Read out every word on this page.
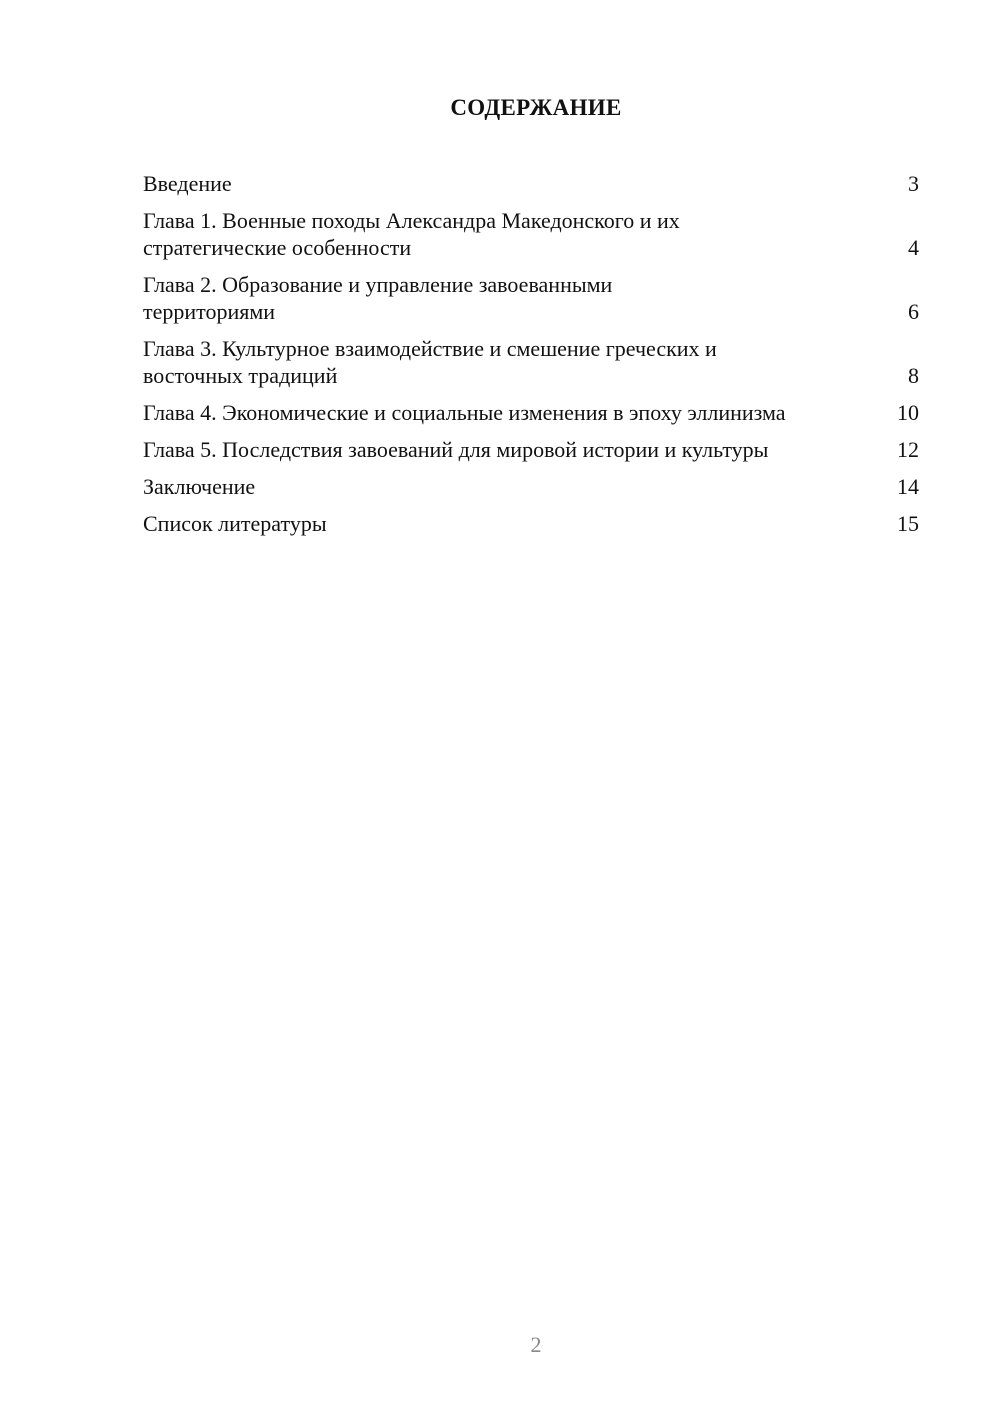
СОДЕРЖАНИЕ
Введение	3
Глава 1. Военные походы Александра Македонского и их стратегические особенности	4
Глава 2. Образование и управление завоеванными территориями	6
Глава 3. Культурное взаимодействие и смешение греческих и восточных традиций	8
Глава 4. Экономические и социальные изменения в эпоху эллинизма	10
Глава 5. Последствия завоеваний для мировой истории и культуры	12
Заключение	14
Список литературы	15
2
